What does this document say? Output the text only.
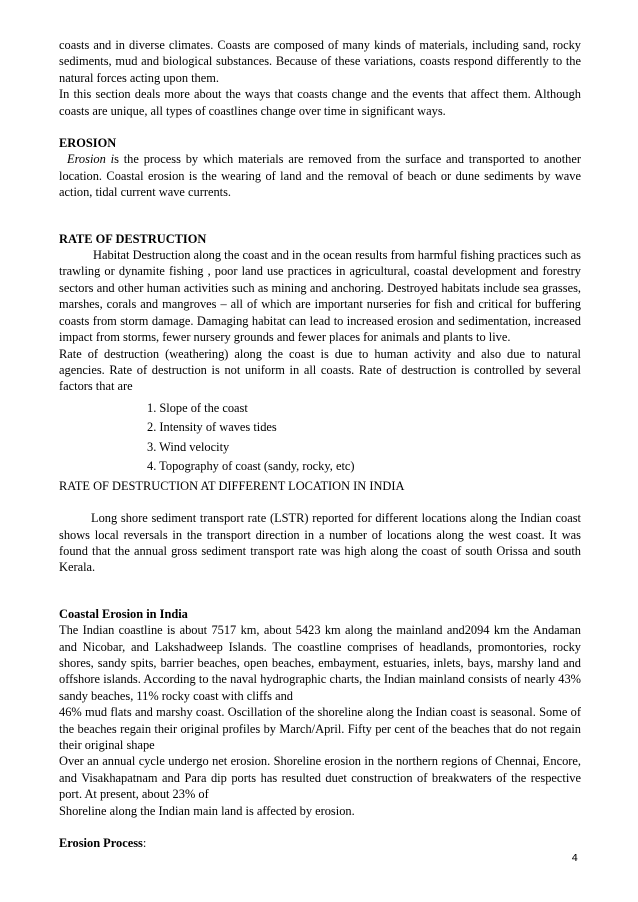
coasts and in diverse climates. Coasts are composed of many kinds of materials, including sand, rocky sediments, mud and biological substances. Because of these variations, coasts respond differently to the natural forces acting upon them.

In this section deals more about the ways that coasts change and the events that affect them. Although coasts are unique, all types of coastlines change over time in significant ways.

EROSION

Erosion is the process by which materials are removed from the surface and transported to another location. Coastal erosion is the wearing of land and the removal of beach or dune sediments by wave action, tidal current wave currents.

RATE OF DESTRUCTION

Habitat Destruction along the coast and in the ocean results from harmful fishing practices such as trawling or dynamite fishing , poor land use practices in agricultural, coastal development and forestry sectors and other human activities such as mining and anchoring. Destroyed habitats include sea grasses, marshes, corals and mangroves – all of which are important nurseries for fish and critical for buffering coasts from storm damage. Damaging habitat can lead to increased erosion and sedimentation, increased impact from storms, fewer nursery grounds and fewer places for animals and plants to live.

Rate of destruction (weathering) along the coast is due to human activity and also due to natural agencies. Rate of destruction is not uniform in all coasts. Rate of destruction is controlled by several factors that are

1. Slope of the coast
2. Intensity of waves tides
3. Wind velocity
4. Topography of coast (sandy, rocky, etc)

RATE OF DESTRUCTION AT DIFFERENT LOCATION IN INDIA

Long shore sediment transport rate (LSTR) reported for different locations along the Indian coast shows local reversals in the transport direction in a number of locations along the west coast. It was found that the annual gross sediment transport rate was high along the coast of south Orissa and south Kerala.

Coastal Erosion in India

The Indian coastline is about 7517 km, about 5423 km along the mainland and2094 km the Andaman and Nicobar, and Lakshadweep Islands. The coastline comprises of headlands, promontories, rocky shores, sandy spits, barrier beaches, open beaches, embayment, estuaries, inlets, bays, marshy land and offshore islands. According to the naval hydrographic charts, the Indian mainland consists of nearly 43% sandy beaches, 11% rocky coast with cliffs and

46% mud flats and marshy coast. Oscillation of the shoreline along the Indian coast is seasonal. Some of the beaches regain their original profiles by March/April. Fifty per cent of the beaches that do not regain their original shape

Over an annual cycle undergo net erosion. Shoreline erosion in the northern regions of Chennai, Encore, and Visakhapatnam and Para dip ports has resulted duet construction of breakwaters of the respective port. At present, about 23% of

Shoreline along the Indian main land is affected by erosion.

Erosion Process:

4
